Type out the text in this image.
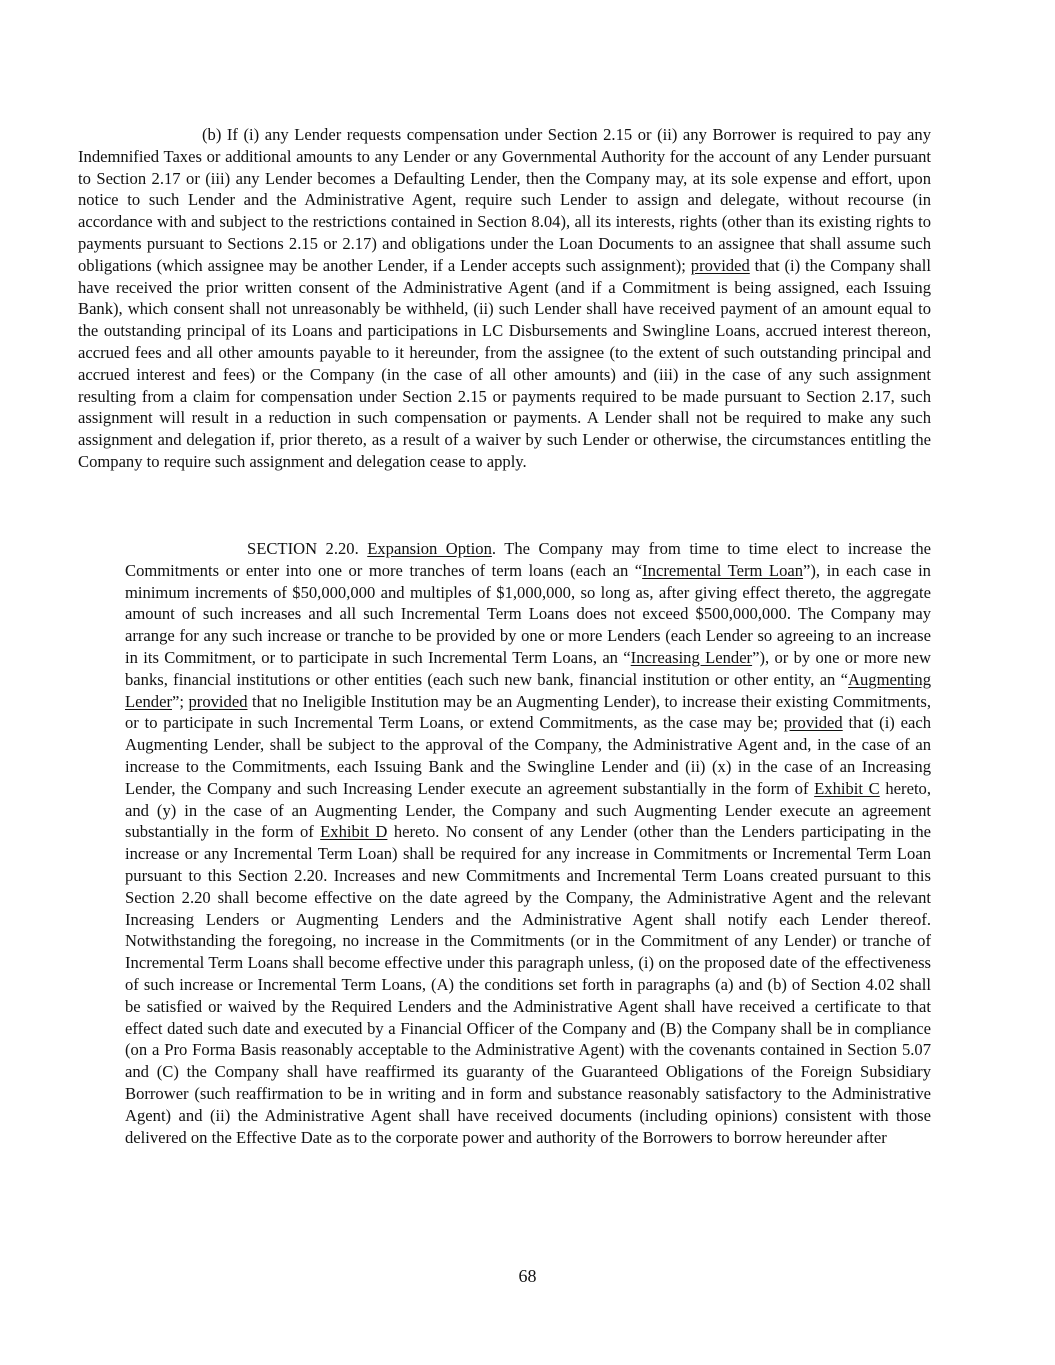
(b) If (i) any Lender requests compensation under Section 2.15 or (ii) any Borrower is required to pay any Indemnified Taxes or additional amounts to any Lender or any Governmental Authority for the account of any Lender pursuant to Section 2.17 or (iii) any Lender becomes a Defaulting Lender, then the Company may, at its sole expense and effort, upon notice to such Lender and the Administrative Agent, require such Lender to assign and delegate, without recourse (in accordance with and subject to the restrictions contained in Section 8.04), all its interests, rights (other than its existing rights to payments pursuant to Sections 2.15 or 2.17) and obligations under the Loan Documents to an assignee that shall assume such obligations (which assignee may be another Lender, if a Lender accepts such assignment); provided that (i) the Company shall have received the prior written consent of the Administrative Agent (and if a Commitment is being assigned, each Issuing Bank), which consent shall not unreasonably be withheld, (ii) such Lender shall have received payment of an amount equal to the outstanding principal of its Loans and participations in LC Disbursements and Swingline Loans, accrued interest thereon, accrued fees and all other amounts payable to it hereunder, from the assignee (to the extent of such outstanding principal and accrued interest and fees) or the Company (in the case of all other amounts) and (iii) in the case of any such assignment resulting from a claim for compensation under Section 2.15 or payments required to be made pursuant to Section 2.17, such assignment will result in a reduction in such compensation or payments. A Lender shall not be required to make any such assignment and delegation if, prior thereto, as a result of a waiver by such Lender or otherwise, the circumstances entitling the Company to require such assignment and delegation cease to apply.

SECTION 2.20. Expansion Option. The Company may from time to time elect to increase the Commitments or enter into one or more tranches of term loans (each an “Incremental Term Loan”), in each case in minimum increments of $50,000,000 and multiples of $1,000,000, so long as, after giving effect thereto, the aggregate amount of such increases and all such Incremental Term Loans does not exceed $500,000,000. The Company may arrange for any such increase or tranche to be provided by one or more Lenders (each Lender so agreeing to an increase in its Commitment, or to participate in such Incremental Term Loans, an “Increasing Lender”), or by one or more new banks, financial institutions or other entities (each such new bank, financial institution or other entity, an “Augmenting Lender”; provided that no Ineligible Institution may be an Augmenting Lender), to increase their existing Commitments, or to participate in such Incremental Term Loans, or extend Commitments, as the case may be; provided that (i) each Augmenting Lender, shall be subject to the approval of the Company, the Administrative Agent and, in the case of an increase to the Commitments, each Issuing Bank and the Swingline Lender and (ii) (x) in the case of an Increasing Lender, the Company and such Increasing Lender execute an agreement substantially in the form of Exhibit C hereto, and (y) in the case of an Augmenting Lender, the Company and such Augmenting Lender execute an agreement substantially in the form of Exhibit D hereto. No consent of any Lender (other than the Lenders participating in the increase or any Incremental Term Loan) shall be required for any increase in Commitments or Incremental Term Loan pursuant to this Section 2.20. Increases and new Commitments and Incremental Term Loans created pursuant to this Section 2.20 shall become effective on the date agreed by the Company, the Administrative Agent and the relevant Increasing Lenders or Augmenting Lenders and the Administrative Agent shall notify each Lender thereof. Notwithstanding the foregoing, no increase in the Commitments (or in the Commitment of any Lender) or tranche of Incremental Term Loans shall become effective under this paragraph unless, (i) on the proposed date of the effectiveness of such increase or Incremental Term Loans, (A) the conditions set forth in paragraphs (a) and (b) of Section 4.02 shall be satisfied or waived by the Required Lenders and the Administrative Agent shall have received a certificate to that effect dated such date and executed by a Financial Officer of the Company and (B) the Company shall be in compliance (on a Pro Forma Basis reasonably acceptable to the Administrative Agent) with the covenants contained in Section 5.07 and (C) the Company shall have reaffirmed its guaranty of the Guaranteed Obligations of the Foreign Subsidiary Borrower (such reaffirmation to be in writing and in form and substance reasonably satisfactory to the Administrative Agent) and (ii) the Administrative Agent shall have received documents (including opinions) consistent with those delivered on the Effective Date as to the corporate power and authority of the Borrowers to borrow hereunder after

68
